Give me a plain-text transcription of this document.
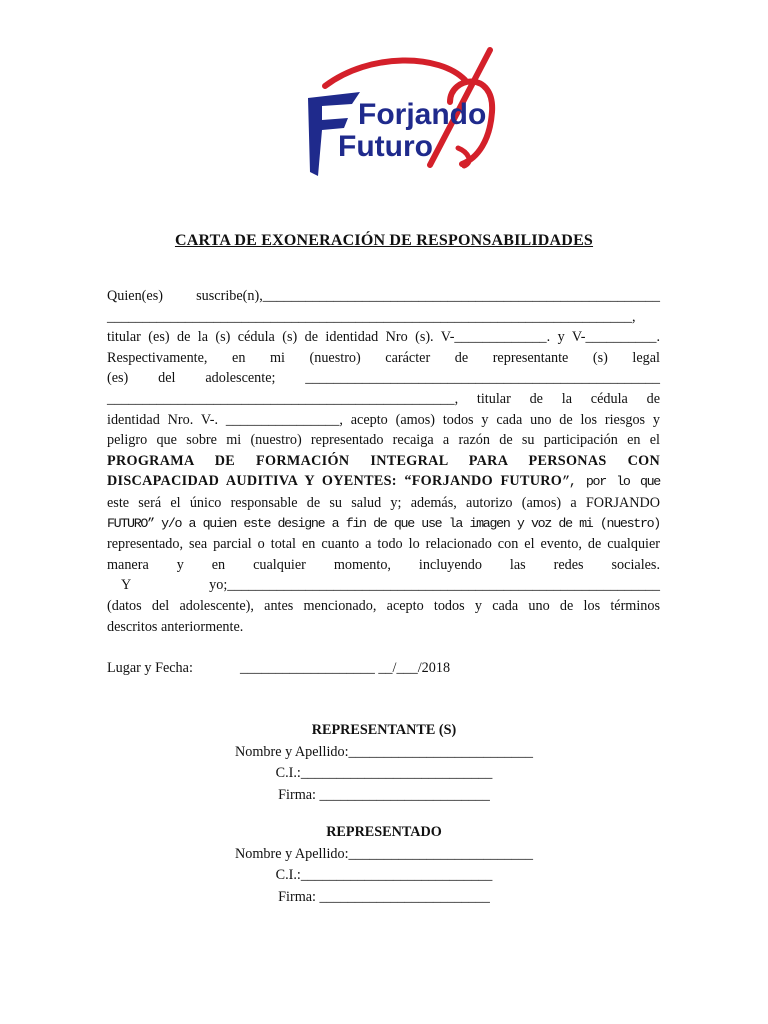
Forjando
Futuro
CARTA DE EXONERACIÓN DE RESPONSABILIDADES

Quien(es) suscribe(n),________________________________________________________

__________________________________________________________________________,

titular (es) de la (s) cédula (s) de identidad Nro (s). V-_____________. y V-__________.

Respectivamente, en mi (nuestro) carácter de representante (s) legal

(es) del adolescente; __________________________________________________

_________________________________________________, titular de la cédula de

identidad Nro. V-. ________________, acepto (amos) todos y cada uno de los riesgos y

peligro que sobre mi (nuestro) representado recaiga a razón de su participación en el

PROGRAMA DE FORMACIÓN INTEGRAL PARA PERSONAS CON

DISCAPACIDAD AUDITIVA Y OYENTES: “FORJANDO FUTURO”, por lo que

este será el único responsable de su salud y; además, autorizo (amos) a FORJANDO

FUTURO” y/o a quien este designe a fin de que use la imagen y voz de mi (nuestro)

representado, sea parcial o total en cuanto a todo lo relacionado con el evento, de cualquier

manera y en cualquier momento, incluyendo las redes sociales.

Y yo;_____________________________________________________________

(datos del adolescente), antes mencionado, acepto todos y cada uno de los términos

descritos anteriormente.

Lugar y Fecha:	___________________ __/___/2018
REPRESENTANTE (S)
Nombre y Apellido:__________________________
C.I.:___________________________
Firma: ________________________
REPRESENTADO
Nombre y Apellido:__________________________
C.I.:___________________________
Firma: ________________________
